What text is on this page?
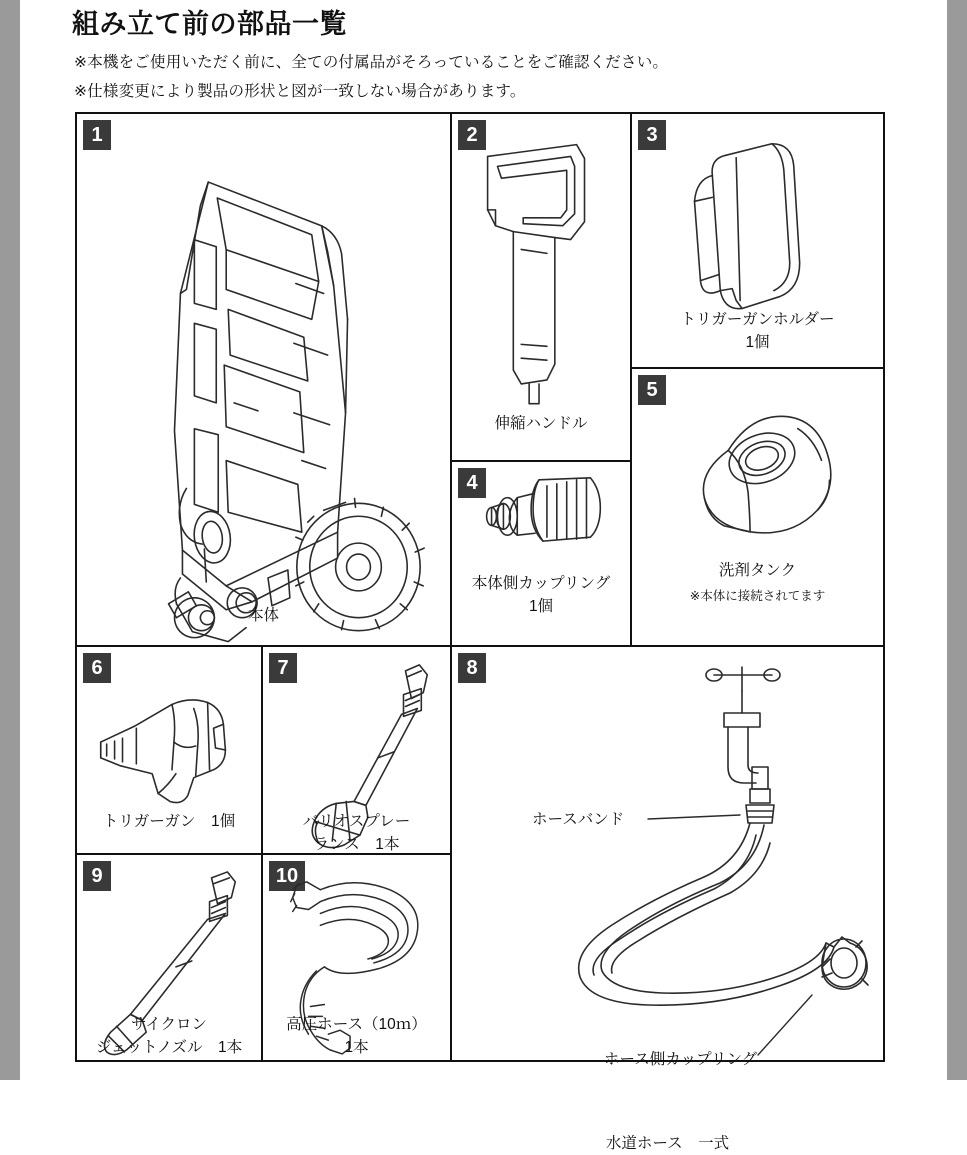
組み立て前の部品一覧
※本機をご使用いただく前に、全ての付属品がそろっていることをご確認ください。
※仕様変更により製品の形状と図が一致しない場合があります。
1
本体
2
伸縮ハンドル
3
トリガーガンホルダー
1個
4
本体側カップリング
1個
5
洗剤タンク
※本体に接続されてます
6
トリガーガン　1個
7
バリオスプレー
ランス　1本
8
ホースバンド
ホース側カップリング
水道ホース　一式
9
サイクロン
ジェットノズル　1本
10
高圧ホース（10ｍ）
1本
